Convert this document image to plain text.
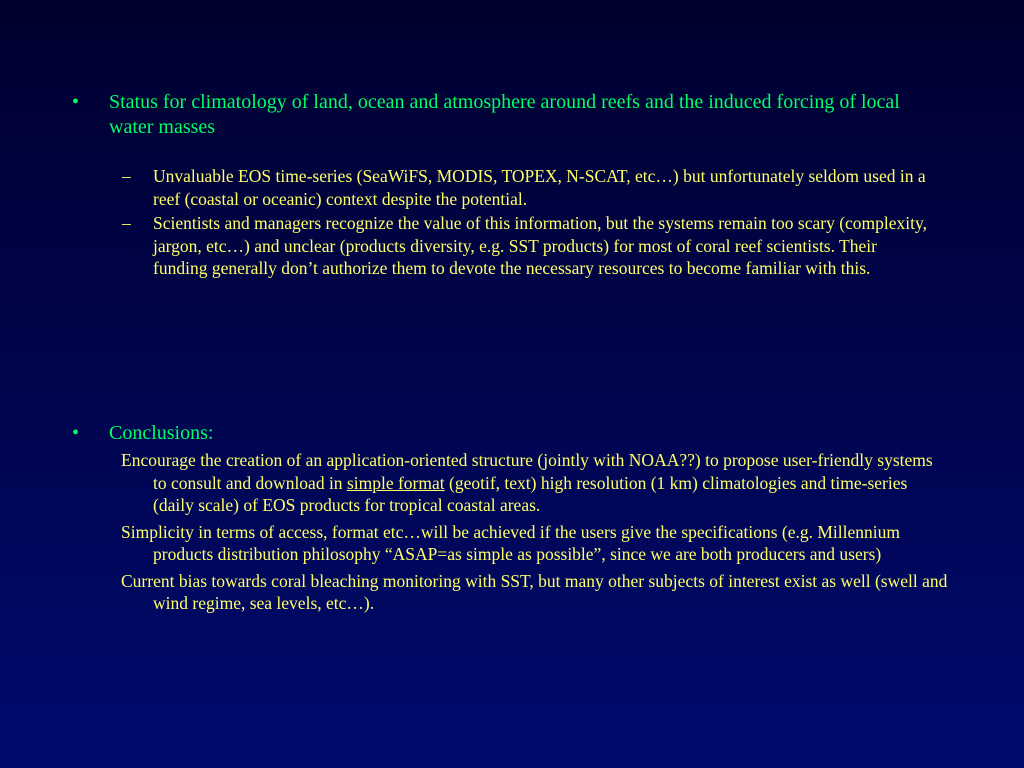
• Status for climatology of land, ocean and atmosphere around reefs and the induced forcing of local water masses
– Unvaluable EOS time-series (SeaWiFS, MODIS, TOPEX, N-SCAT, etc…) but unfortunately seldom used in a reef (coastal or oceanic) context despite the potential.
– Scientists and managers recognize the value of this information, but the systems remain too scary (complexity, jargon, etc…) and unclear (products diversity, e.g. SST products) for most of coral reef scientists. Their funding generally don’t authorize them to devote the necessary resources to become familiar with this.
• Conclusions:
Encourage the creation of an application-oriented structure (jointly with NOAA??) to propose user-friendly systems to consult and download in simple format (geotif, text) high resolution (1 km) climatologies and time-series (daily scale) of EOS products for tropical coastal areas.
Simplicity in terms of access, format etc…will be achieved if the users give the specifications (e.g. Millennium products distribution philosophy “ASAP=as simple as possible”, since we are both producers and users)
Current bias towards coral bleaching monitoring with SST, but many other subjects of interest exist as well (swell and wind regime, sea levels, etc…).
